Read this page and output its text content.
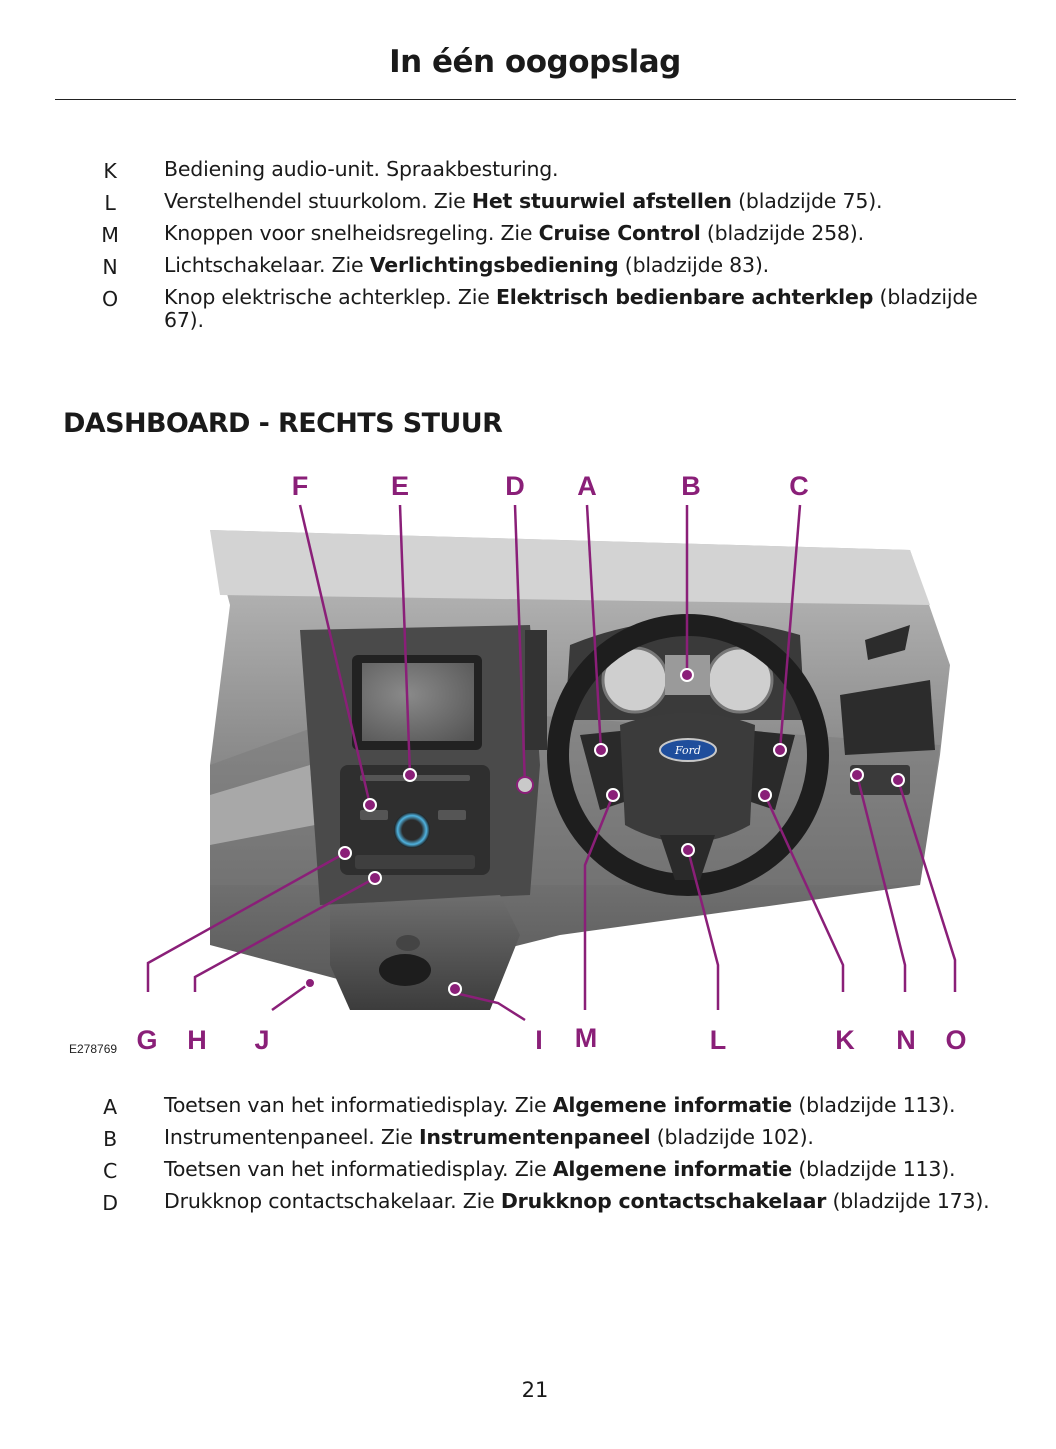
In één oogopslag
K Bediening audio-unit. Spraakbesturing.
L Verstelhendel stuurkolom. Zie Het stuurwiel afstellen (bladzijde 75).
M Knoppen voor snelheidsregeling. Zie Cruise Control (bladzijde 258).
N Lichtschakelaar. Zie Verlichtingsbediening (bladzijde 83).
O Knop elektrische achterklep. Zie Elektrisch bedienbare achterklep (bladzijde 67).
DASHBOARD - RECHTS STUUR
Ford
F	E	D A	B	C
G H J	I M	L	K N O
E278769
A Toetsen van het informatiedisplay. Zie Algemene informatie (bladzijde 113).
B Instrumentenpaneel. Zie Instrumentenpaneel (bladzijde 102).
C Toetsen van het informatiedisplay. Zie Algemene informatie (bladzijde 113).
D Drukknop contactschakelaar. Zie Drukknop contactschakelaar (bladzijde 173).
21
